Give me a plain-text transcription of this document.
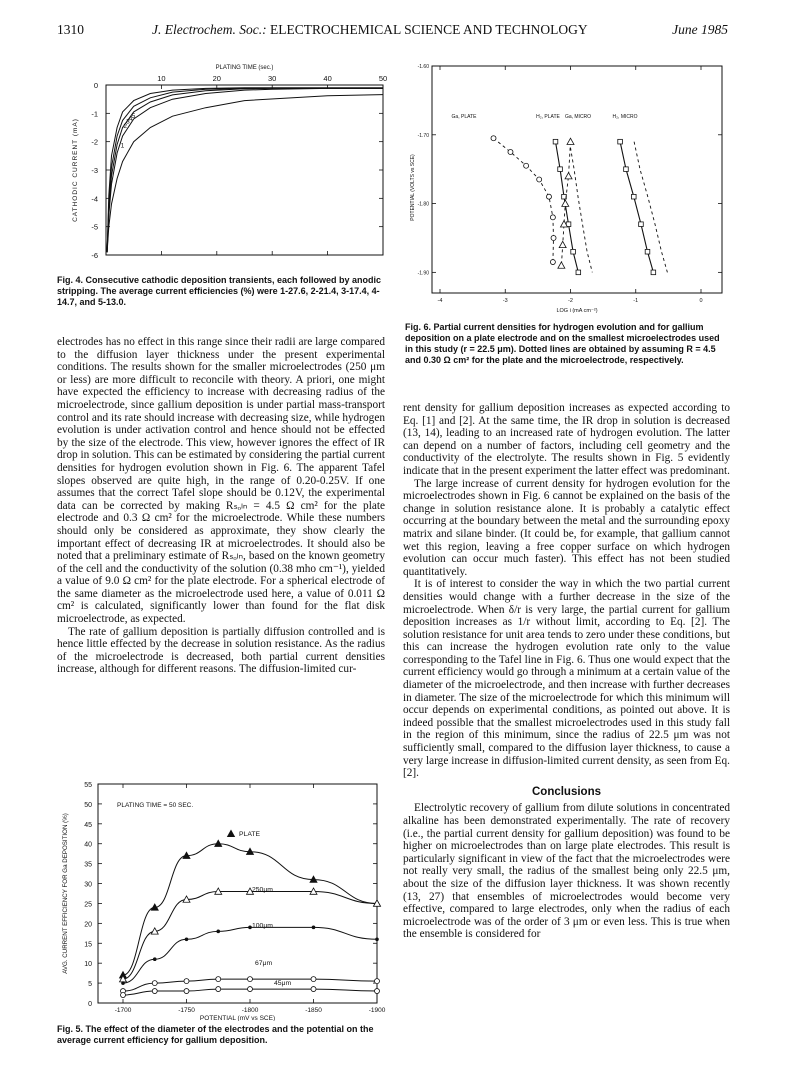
1310	J. Electrochem. Soc.: ELECTROCHEMICAL SCIENCE AND TECHNOLOGY	June 1985
PLATING TIME (sec.)
10	20	30	40	50
0
-1
-2
-3
-4
-5
-6
CATHODIC CURRENT (mA)	1
2
3 4 5
Fig. 4. Consecutive cathodic deposition transients, each followed by anodic stripping. The average current efficiencies (%) were 1-27.6, 2-21.4, 3-17.4, 4-14.7, and 5-13.0.	-4	-3	-2	-1	0
-1.60
-1.70
-1.80
-1.90
LOG i (mA cm⁻²)
POTENTIAL (VOLTS vs SCE)
Ga, PLATE	H₂, PLATE Ga, MICRO	H₂, MICRO
Fig. 6. Partial current densities for hydrogen evolution and for gallium deposition on a plate electrode and on the smallest microelectrodes used in this study (r = 22.5 μm). Dotted lines are obtained by assuming R = 4.5 and 0.30 Ω cm² for the plate and the microelectrode, respectively.

electrodes has no effect in this range since their radii are large compared to the diffusion layer thickness under the present experimental conditions. The results shown for the smaller microelectrodes (250 μm or less) are more difficult to reconcile with theory. A priori, one might have expected the efficiency to increase with decreasing radius of the microelectrode, since gallium deposition is under partial mass-transport control and its rate should increase with decreasing size, while hydrogen evolution is under activation control and hence should not be effected by the size of the electrode. This view, however ignores the effect of IR drop in solution. This can be estimated by considering the partial current densities for hydrogen evolution shown in Fig. 6. The apparent Tafel slopes observed are quite high, in the range of 0.20-0.25V. If one assumes that the correct Tafel slope should be 0.12V, the experimental data can be corrected by making Rₛₒₗₙ = 4.5 Ω cm² for the plate electrode and 0.3 Ω cm² for the microelectrode. While these numbers should only be considered as approximate, they show clearly the important effect of decreasing IR at microelectrodes. It should also be noted that a preliminary estimate of Rₛₒₗₙ, based on the known geometry of the cell and the conductivity of the solution (0.38 mho cm⁻¹), yielded a value of 9.0 Ω cm² for the plate electrode. For a spherical electrode of the same diameter as the microelectrode used here, a value of 0.011 Ω cm² is calculated, significantly lower than found for the flat disk microelectrode, as expected.

The rate of gallium deposition is partially diffusion controlled and is hence little effected by the decrease in solution resistance. As the radius of the microelectrode is decreased, both partial current densities increase, although for different reasons. The diffusion-limited cur-

-1700	-1750	-1800	-1850	-1900
0
5
10
15
20
25
30
35
40
45
50
55
POTENTIAL (mV vs SCE)
AVG. CURRENT EFFICIENCY FOR Ga DEPOSITION (%)
PLATING TIME = 50 SEC.
PLATE
250μm
100μm
67μm
45μm
Fig. 5. The effect of the diameter of the electrodes and the potential on the average current efficiency for gallium deposition.

rent density for gallium deposition increases as expected according to Eq. [1] and [2]. At the same time, the IR drop in solution is decreased (13, 14), leading to an increased rate of hydrogen evolution. The latter can depend on a number of factors, including cell geometry and the conductivity of the electrolyte. The results shown in Fig. 5 evidently indicate that in the present experiment the latter effect was predominant.

The large increase of current density for hydrogen evolution for the microelectrodes shown in Fig. 6 cannot be explained on the basis of the change in solution resistance alone. It is probably a catalytic effect occurring at the boundary between the metal and the surrounding epoxy matrix and silane binder. (It could be, for example, that gallium cannot wet this region, leaving a free copper surface on which hydrogen evolution can occur much faster). This effect has not been studied quantitatively.

It is of interest to consider the way in which the two partial current densities would change with a further decrease in the size of the microelectrode. When δ/r is very large, the partial current for gallium deposition increases as 1/r without limit, according to Eq. [2]. The solution resistance for unit area tends to zero under these conditions, but this can increase the hydrogen evolution rate only to the value corresponding to the Tafel line in Fig. 6. Thus one would expect that the current efficiency would go through a minimum at a certain value of the diameter of the microelectrode, and then increase with further decreases in diameter. The size of the microelectrode for which this minimum will occur depends on experimental conditions, as pointed out above. It is indeed possible that the smallest microelectrodes used in this study fall in the region of this minimum, since the radius of 22.5 μm was not sufficiently small, compared to the diffusion layer thickness, to cause a very large increase in diffusion-limited current density, as seen from Eq. [2].

Conclusions

Electrolytic recovery of gallium from dilute solutions in concentrated alkaline has been demonstrated experimentally. The rate of recovery (i.e., the partial current density for gallium deposition) was found to be higher on microelectrodes than on large plate electrodes. This result is particularly significant in view of the fact that the microelectrodes were not really very small, the radius of the smallest being only 22.5 μm, about the size of the diffusion layer thickness. It was shown recently (13, 27) that ensembles of microelectrodes would become very effective, compared to large electrodes, only when the radius of each microelectrode was of the order of 3 μm or even less. This is true when the ensemble is considered for
